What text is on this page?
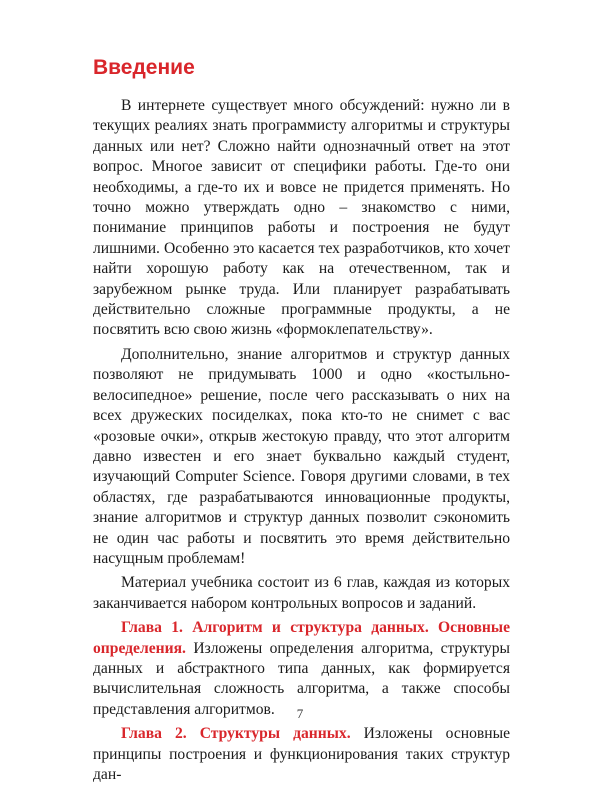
Введение

В интернете существует много обсуждений: нужно ли в текущих реалиях знать программисту алгоритмы и структуры данных или нет? Сложно найти однозначный ответ на этот вопрос. Многое зависит от специфики работы. Где-то они необходимы, а где-то их и вовсе не придется применять. Но точно можно утверждать одно – знакомство с ними, понимание принципов работы и построения не будут лишними. Особенно это касается тех разработчиков, кто хочет найти хорошую работу как на отечественном, так и зарубежном рынке труда. Или планирует разрабатывать действительно сложные программные продукты, а не посвятить всю свою жизнь «формоклепательству».

Дополнительно, знание алгоритмов и структур данных позволяют не придумывать 1000 и одно «костыльно-велосипедное» решение, после чего рассказывать о них на всех дружеских посиделках, пока кто-то не снимет с вас «розовые очки», открыв жестокую правду, что этот алгоритм давно известен и его знает буквально каждый студент, изучающий Computer Science. Говоря другими словами, в тех областях, где разрабатываются инновационные продукты, знание алгоритмов и структур данных позволит сэкономить не один час работы и посвятить это время действительно насущным проблемам!

Материал учебника состоит из 6 глав, каждая из которых заканчивается набором контрольных вопросов и заданий.

Глава 1. Алгоритм и структура данных. Основные определения. Изложены определения алгоритма, структуры данных и абстрактного типа данных, как формируется вычислительная сложность алгоритма, а также способы представления алгоритмов.

Глава 2. Структуры данных. Изложены основные принципы построения и функционирования таких структур дан-

7
